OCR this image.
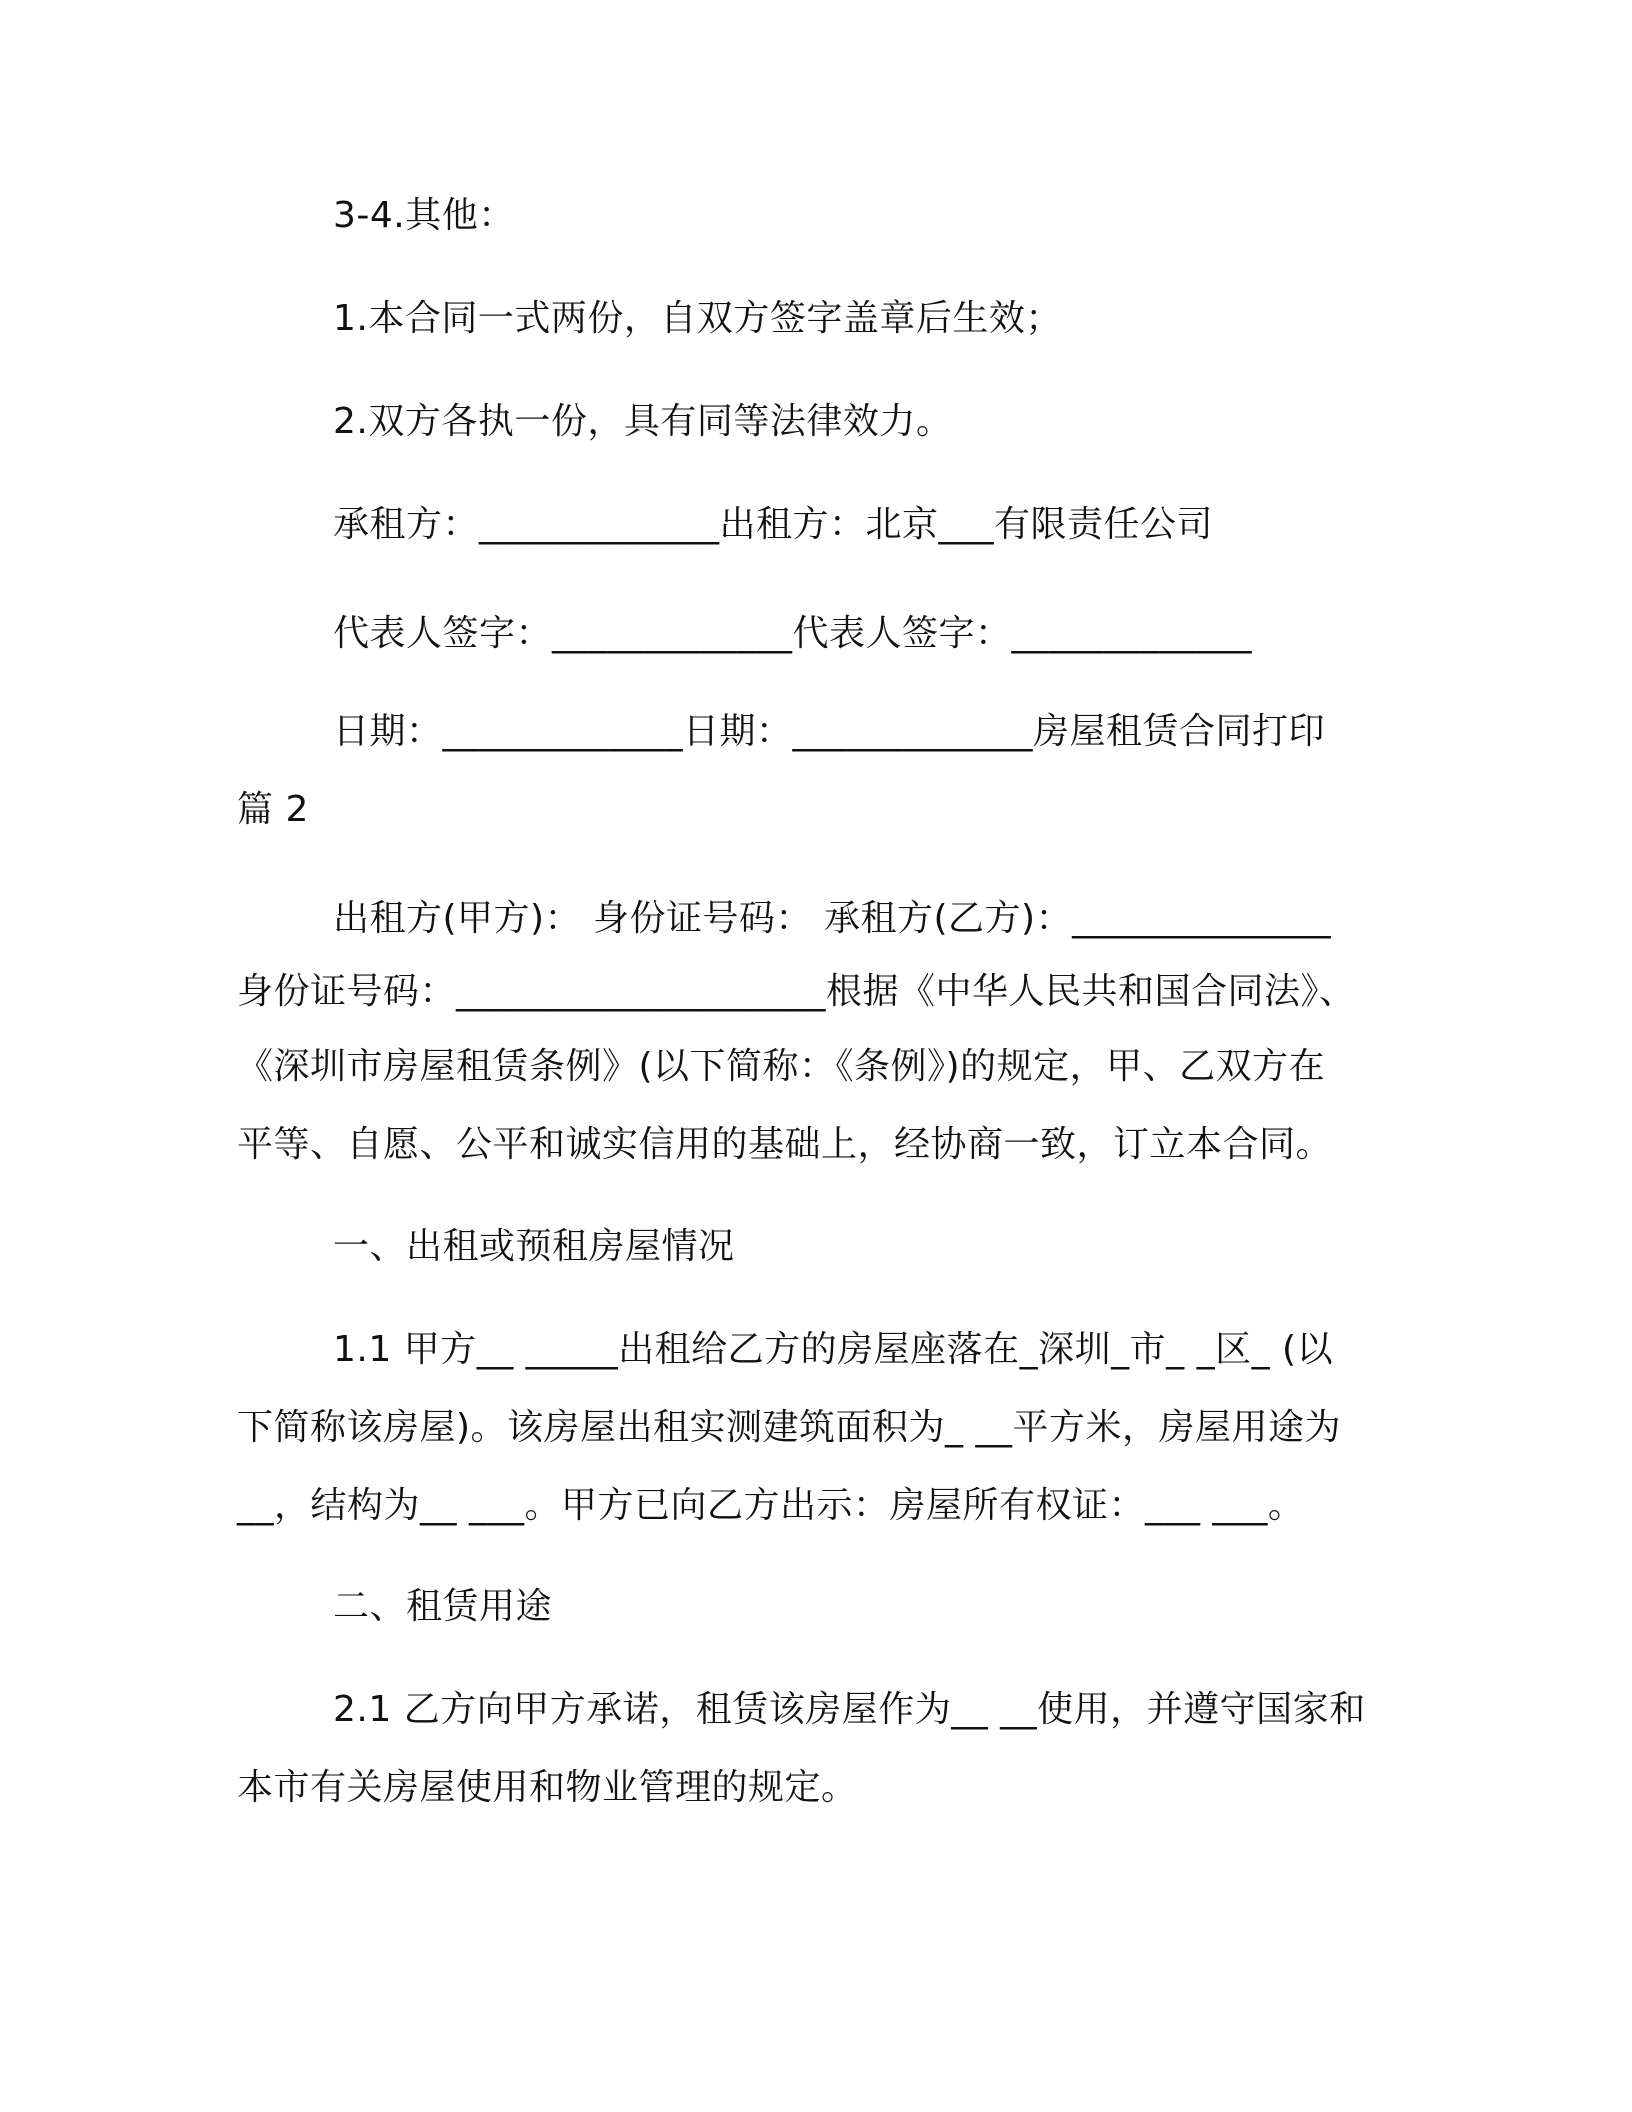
3-4.其他：
1.本合同一式两份，自双方签字盖章后生效；
2.双方各执一份，具有同等法律效力。
承租方：_____________出租方：北京___有限责任公司
代表人签字：_____________代表人签字：_____________
日期：_____________日期：_____________房屋租赁合同打印
篇 2
出租方(甲方)： 身份证号码： 承租方(乙方)：______________
身份证号码：____________________根据《中华人民共和国合同法》、
《深圳市房屋租赁条例》(以下简称：《条例》)的规定，甲、乙双方在
平等、自愿、公平和诚实信用的基础上，经协商一致，订立本合同。
一、出租或预租房屋情况
1.1 甲方__ _____出租给乙方的房屋座落在_深圳_市_ _区_ (以
下简称该房屋)。该房屋出租实测建筑面积为_ __平方米，房屋用途为
__，结构为__ ___。甲方已向乙方出示：房屋所有权证：___ ___。
二、租赁用途
2.1 乙方向甲方承诺，租赁该房屋作为__ __使用，并遵守国家和
本市有关房屋使用和物业管理的规定。
